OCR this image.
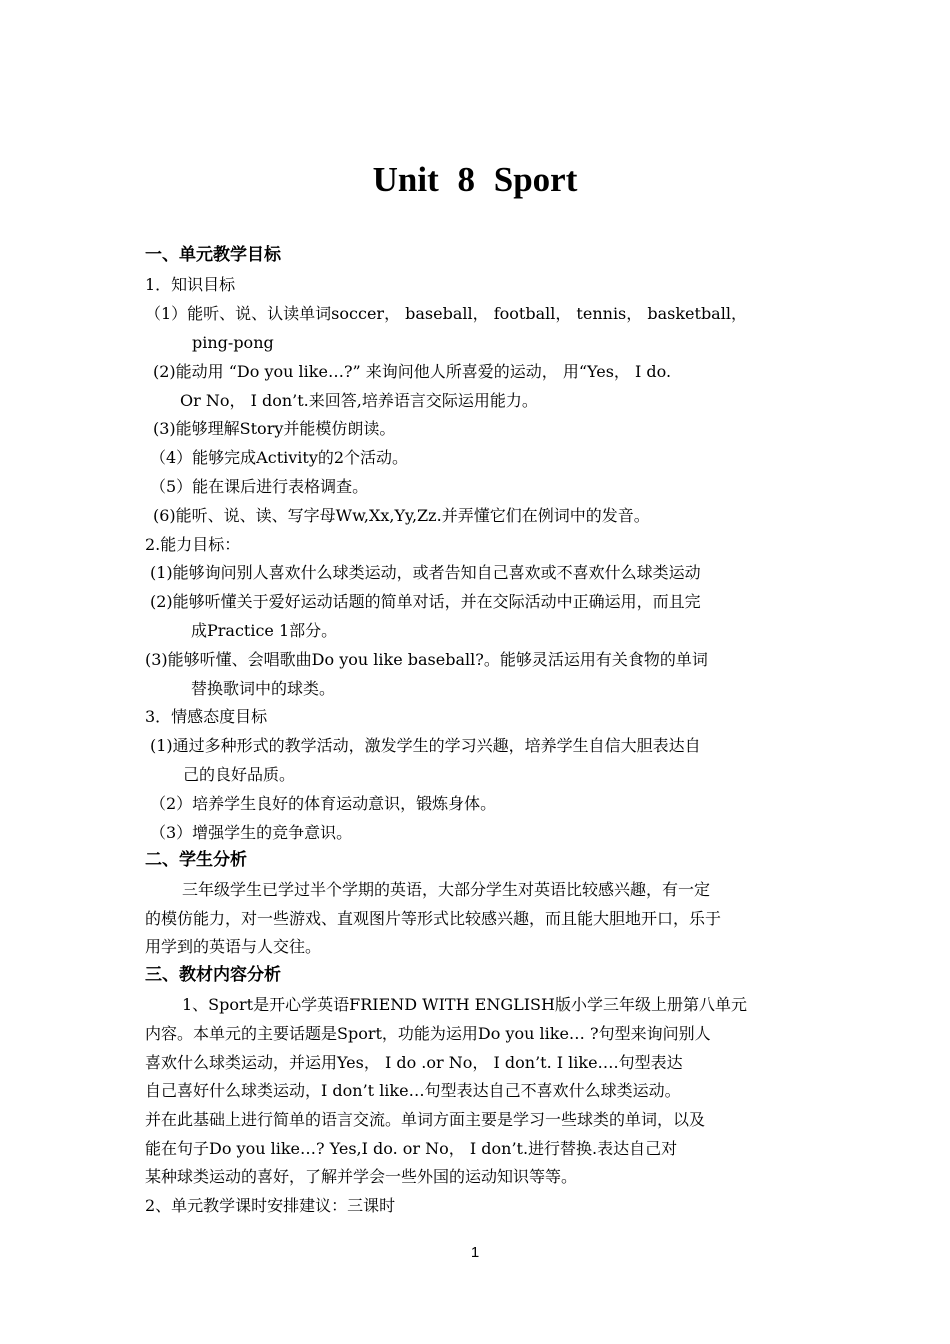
Unit 8 Sport
一、单元教学目标
1．知识目标
（1）能听、说、认读单词soccer， baseball， football， tennis， basketball，
ping-pong
(2)能动用 “Do you like…?” 来询问他人所喜爱的运动， 用“Yes， I do.
Or No， I don’t.来回答,培养语言交际运用能力。
(3)能够理解Story并能模仿朗读。
（4）能够完成Activity的2个活动。
（5）能在课后进行表格调查。
(6)能听、说、读、写字母Ww,Xx,Yy,Zz.并弄懂它们在例词中的发音。
2.能力目标：
(1)能够询问别人喜欢什么球类运动，或者告知自己喜欢或不喜欢什么球类运动
(2)能够听懂关于爱好运动话题的简单对话，并在交际活动中正确运用，而且完
成Practice 1部分。
(3)能够听懂、会唱歌曲Do you like baseball?。能够灵活运用有关食物的单词
替换歌词中的球类。
3．情感态度目标
(1)通过多种形式的教学活动，激发学生的学习兴趣，培养学生自信大胆表达自
己的良好品质。
（2）培养学生良好的体育运动意识，锻炼身体。
（3）增强学生的竞争意识。
二、学生分析
三年级学生已学过半个学期的英语，大部分学生对英语比较感兴趣，有一定
的模仿能力，对一些游戏、直观图片等形式比较感兴趣，而且能大胆地开口，乐于
用学到的英语与人交往。
三、教材内容分析
1、Sport是开心学英语FRIEND WITH ENGLISH版小学三年级上册第八单元
内容。本单元的主要话题是Sport，功能为运用Do you like… ?句型来询问别人
喜欢什么球类运动，并运用Yes， I do .or No， I don’t. I like….句型表达
自己喜好什么球类运动，I don’t like…句型表达自己不喜欢什么球类运动。
并在此基础上进行简单的语言交流。单词方面主要是学习一些球类的单词，以及
能在句子Do you like…? Yes,I do. or No， I don’t.进行替换.表达自己对
某种球类运动的喜好，了解并学会一些外国的运动知识等等。
2、单元教学课时安排建议：三课时
1
